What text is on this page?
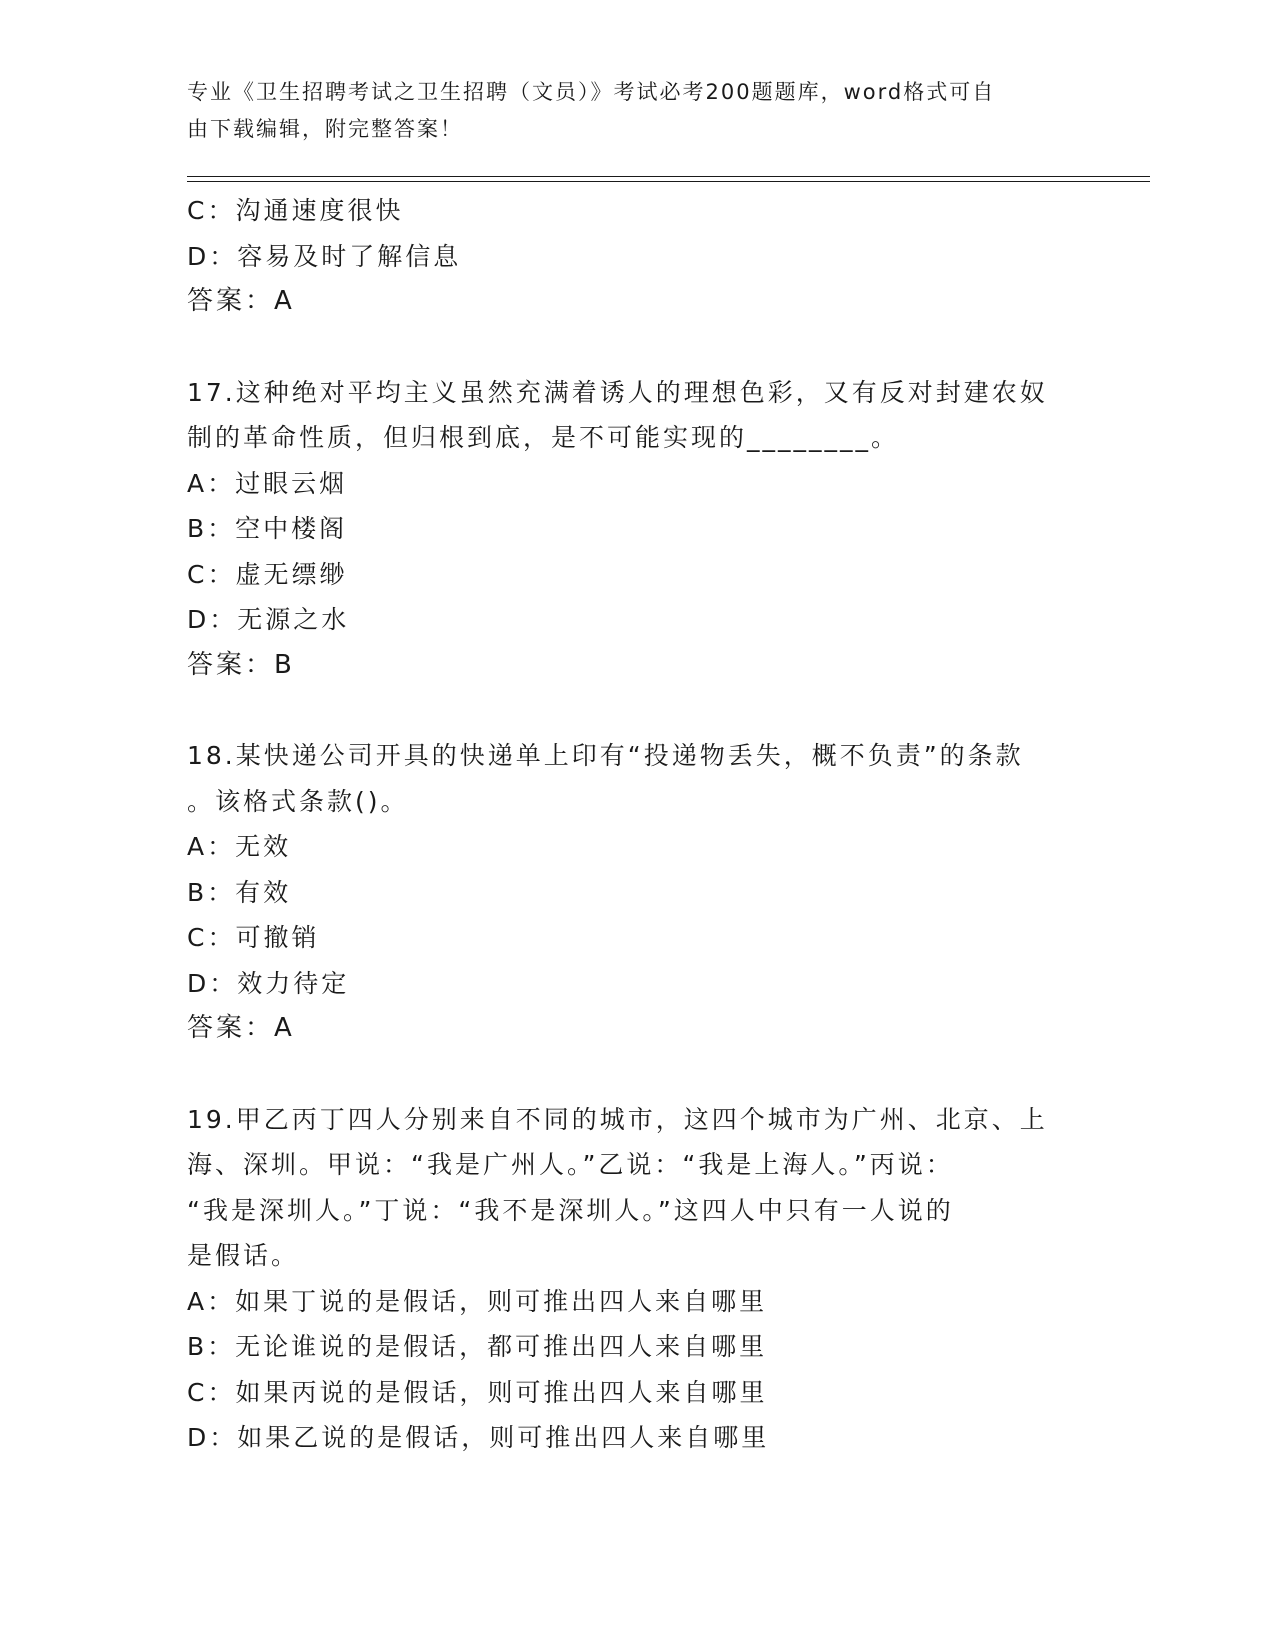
专业《卫生招聘考试之卫生招聘（文员）》考试必考200题题库，word格式可自
由下载编辑，附完整答案！
C：沟通速度很快
D：容易及时了解信息
答案：A
17.这种绝对平均主义虽然充满着诱人的理想色彩，又有反对封建农奴
制的革命性质，但归根到底，是不可能实现的________。
A：过眼云烟
B：空中楼阁
C：虚无缥缈
D：无源之水
答案：B
18.某快递公司开具的快递单上印有“投递物丢失，概不负责”的条款
。该格式条款()。
A：无效
B：有效
C：可撤销
D：效力待定
答案：A
19.甲乙丙丁四人分别来自不同的城市，这四个城市为广州、北京、上
海、深圳。甲说：“我是广州人。”乙说：“我是上海人。”丙说：
“我是深圳人。”丁说：“我不是深圳人。”这四人中只有一人说的
是假话。
A：如果丁说的是假话，则可推出四人来自哪里
B：无论谁说的是假话，都可推出四人来自哪里
C：如果丙说的是假话，则可推出四人来自哪里
D：如果乙说的是假话，则可推出四人来自哪里
